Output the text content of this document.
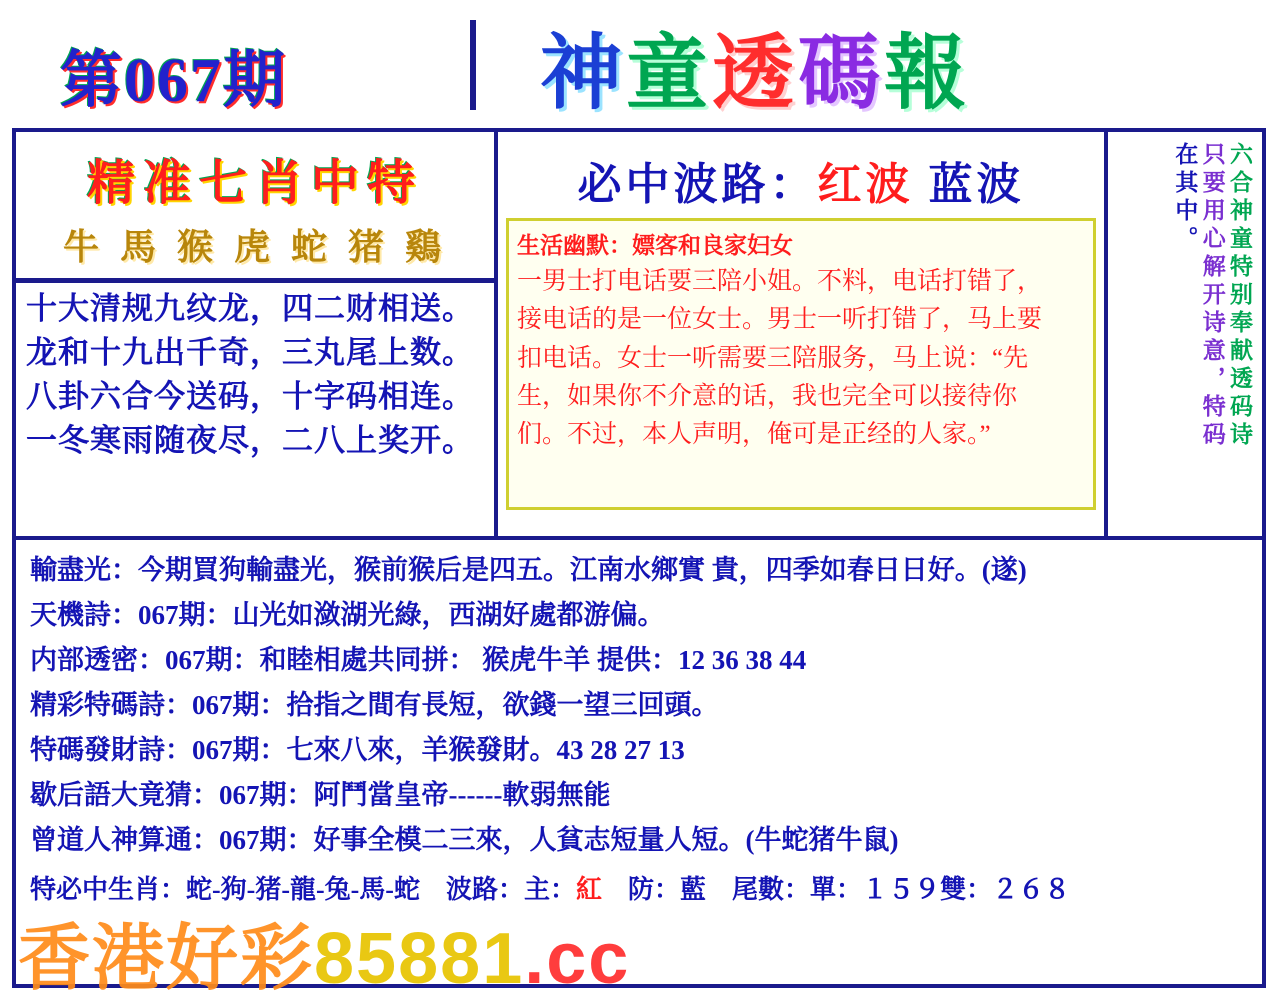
第067期	神童透碼報
精准七肖中特
牛 馬 猴 虎 蛇 猪 鷄
十大清规九纹龙，四二财相送。
龙和十九出千奇，三丸尾上数。
八卦六合今送码，十字码相连。
一冬寒雨随夜尽，二八上奖开。
必中波路：红波 蓝波
生活幽默：嫖客和良家妇女

一男士打电话要三陪小姐。不料，电话打错了，

接电话的是一位女士。男士一听打错了，马上要

扣电话。女士一听需要三陪服务，马上说：“先

生，如果你不介意的话，我也完全可以接待你

们。不过，本人声明，俺可是正经的人家。”	六合神童特别奉献透码诗
只要用心解开诗意，特码
在其中。
輸盡光：今期買狗輸盡光，猴前猴后是四五。江南水鄉實 貴，四季如春日日好。(遂)
天機詩：067期：山光如潋湖光綠，西湖好處都游偏。
内部透密：067期：和睦相處共同拼： 猴虎牛羊 提供：12 36 38 44
精彩特碼詩：067期：拾指之間有長短，欲錢一望三回頭。
特碼發財詩：067期：七來八來，羊猴發財。43 28 27 13
歇后語大竟猜：067期：阿鬥當皇帝------軟弱無能
曾道人神算通：067期：好事全模二三來，人貧志短量人短。(牛蛇猪牛鼠)
特必中生肖：蛇-狗-猪-龍-兔-馬-蛇 波路：主：紅 防：藍 尾數：單：１５９雙：２６８
香港好彩85881.cc
